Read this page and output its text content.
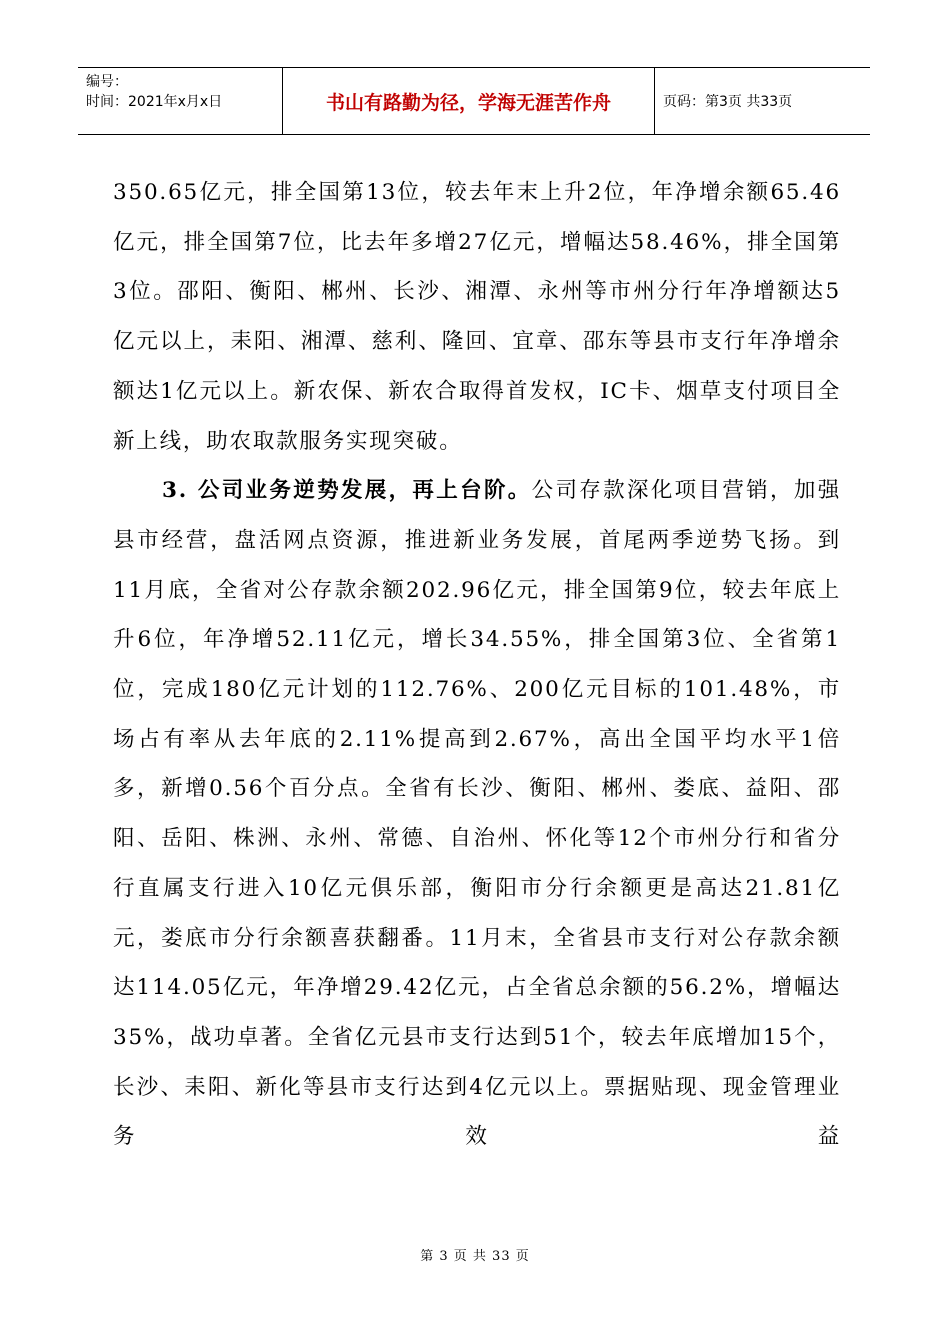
编号：
时间：2021年x月x日	书山有路勤为径，学海无涯苦作舟	页码：第3页 共33页

350.65亿元，排全国第13位，较去年末上升2位，年净增余额65.46亿元，排全国第7位，比去年多增27亿元，增幅达58.46%，排全国第3位。邵阳、衡阳、郴州、长沙、湘潭、永州等市州分行年净增额达5亿元以上，耒阳、湘潭、慈利、隆回、宜章、邵东等县市支行年净增余额达1亿元以上。新农保、新农合取得首发权，IC卡、烟草支付项目全新上线，助农取款服务实现突破。

3. 公司业务逆势发展，再上台阶。公司存款深化项目营销，加强县市经营，盘活网点资源，推进新业务发展，首尾两季逆势飞扬。到11月底，全省对公存款余额202.96亿元，排全国第9位，较去年底上升6位，年净增52.11亿元，增长34.55%，排全国第3位、全省第1位，完成180亿元计划的112.76%、200亿元目标的101.48%，市场占有率从去年底的2.11%提高到2.67%，高出全国平均水平1倍多，新增0.56个百分点。全省有长沙、衡阳、郴州、娄底、益阳、邵阳、岳阳、株洲、永州、常德、自治州、怀化等12个市州分行和省分行直属支行进入10亿元俱乐部，衡阳市分行余额更是高达21.81亿元，娄底市分行余额喜获翻番。11月末，全省县市支行对公存款余额达114.05亿元，年净增29.42亿元，占全省总余额的56.2%，增幅达35%，战功卓著。全省亿元县市支行达到51个，较去年底增加15个，长沙、耒阳、新化等县市支行达到4亿元以上。票据贴现、现金管理业务效益

第 3 页 共 33 页
